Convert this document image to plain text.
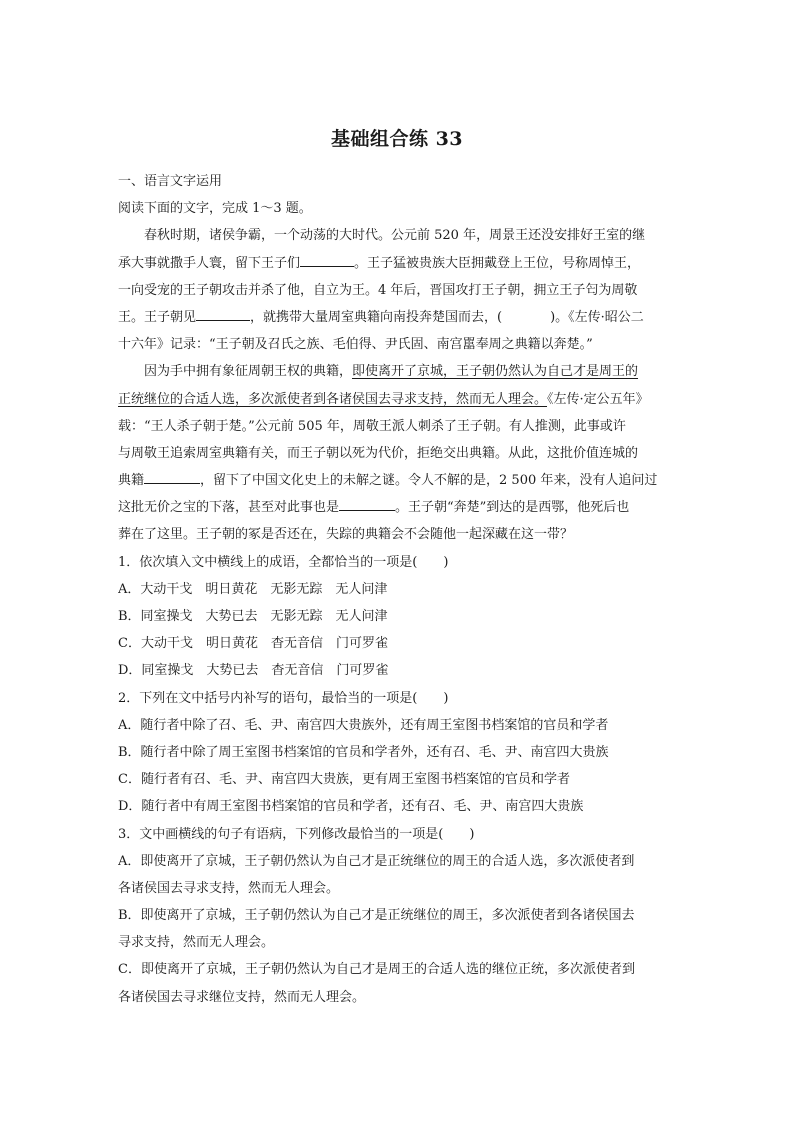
基础组合练 33
一、语言文字运用
阅读下面的文字，完成 1～3 题。
春秋时期，诸侯争霸，一个动荡的大时代。公元前 520 年，周景王还没安排好王室的继
承大事就撒手人寰，留下王子们	。王子猛被贵族大臣拥戴登上王位，号称周悼王，
一向受宠的王子朝攻击并杀了他，自立为王。4 年后，晋国攻打王子朝，拥立王子匄为周敬
王。王子朝见	，就携带大量周室典籍向南投奔楚国而去，(	)。《左传·昭公二
十六年》记录：“王子朝及召氏之族、毛伯得、尹氏固、南宫嚚奉周之典籍以奔楚。”
因为手中拥有象征周朝王权的典籍，即使离开了京城，王子朝仍然认为自己才是周王的
正统继位的合适人选，多次派使者到各诸侯国去寻求支持，然而无人理会。《左传·定公五年》
载：“王人杀子朝于楚。”公元前 505 年，周敬王派人刺杀了王子朝。有人推测，此事或许
与周敬王追索周室典籍有关，而王子朝以死为代价，拒绝交出典籍。从此，这批价值连城的
典籍	，留下了中国文化史上的未解之谜。令人不解的是，2 500 年来，没有人追问过
这批无价之宝的下落，甚至对此事也是	。王子朝“奔楚”到达的是西鄂，他死后也
葬在了这里。王子朝的冢是否还在，失踪的典籍会不会随他一起深藏在这一带？
1．依次填入文中横线上的成语，全都恰当的一项是(　　)
A．大动干戈　明日黄花　无影无踪　无人问津
B．同室操戈　大势已去　无影无踪　无人问津
C．大动干戈　明日黄花　杳无音信　门可罗雀
D．同室操戈　大势已去　杳无音信　门可罗雀
2．下列在文中括号内补写的语句，最恰当的一项是(　　)
A．随行者中除了召、毛、尹、南宫四大贵族外，还有周王室图书档案馆的官员和学者
B．随行者中除了周王室图书档案馆的官员和学者外，还有召、毛、尹、南宫四大贵族
C．随行者有召、毛、尹、南宫四大贵族，更有周王室图书档案馆的官员和学者
D．随行者中有周王室图书档案馆的官员和学者，还有召、毛、尹、南宫四大贵族
3．文中画横线的句子有语病，下列修改最恰当的一项是(　　)
A．即使离开了京城，王子朝仍然认为自己才是正统继位的周王的合适人选，多次派使者到
各诸侯国去寻求支持，然而无人理会。
B．即使离开了京城，王子朝仍然认为自己才是正统继位的周王，多次派使者到各诸侯国去
寻求支持，然而无人理会。
C．即使离开了京城，王子朝仍然认为自己才是周王的合适人选的继位正统，多次派使者到
各诸侯国去寻求继位支持，然而无人理会。
